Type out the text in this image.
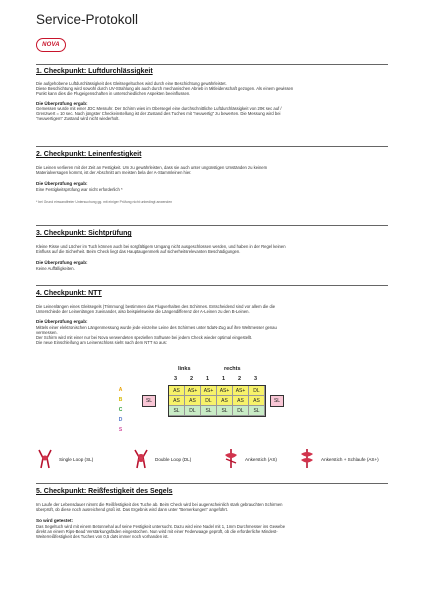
Service-Protokoll
NOVA

1. Checkpunkt: Luftdurchlässigkeit

Die aufgehobene Luftdurchlässigkeit des Gleitsegeltuches wird durch eine Beschichtung gewährleistet.

Diese Beschichtung wird sowohl durch UV-Strahlung als auch durch mechanischen Abrieb in Mitleidenschaft gezogen. Als einem gewissen

Punkt kann dies die Flugeigenschaften in unterschiedlichen Aspekten beeinflussen.

Die Überprüfung ergab:

Gemessen wurde mit einer JDC Messuhr. Der Schirm wies im Obersegel eine durchschnittliche Luftdurchlässigkeit von 20€ sec auf /

Grenzwert = 10 sec. Nach jüngster Checkeinstellung ist der Zustand des Tuches mit "neuwertig" zu bewerten. Die Messung wird bei

"neuwertigem" Zustand wird nicht wiederholt.

2. Checkpunkt: Leinenfestigkeit

Die Leinen verlieren mit der Zeit an Festigkeit. Um zu gewährleisten, dass sie auch unter ungünstigen Umständen zu keinem

Materialversagen kommt, ist der Abschnitt am meisten bela der A-Stammleinen hier.

Die Überprüfung ergab:

Eine Festigkeitsprüfung war nicht erforderlich *

* bei Grund einwandfreier Untersuchung gg. mit einiger Prüfung nicht unbedingt anwenden

3. Checkpunkt: Sichtprüfung

Kleine Risse und Löcher im Tuch können auch bei sorgfältigem Umgang nicht ausgeschlossen werden, und haben in der Regel keinen

Einfluss auf die Sicherheit. Beim Check liegt das Hauptaugenmerk auf sicherheitsrelevanten Beschädigungen.

Die Überprüfung ergab:

Keine Auffälligkeiten.

4. Checkpunkt: NTT

Die Leinenlängen eines Gleitsegels (Trimmung) bestimmen das Flugverhalten des Schirmes. Entscheidend sind vor allem die die

Unterschiede der Leinenlängen zueinander, also beispielsweise die Längendifferenz der A-Leinen zu den B-Leinen.

Die Überprüfung ergab:

Mittels einer elektronischen Längenmessung wurde jede einzelne Leine des Schirmes unter 5daN-Zug auf ihre Weltmesser genau

vermessen.

Der Schirm wird mit einer nur bei Nova verwendeten speziellen Software bei jedem Check wieder optimal eingestellt.

Die neue Einschleifung am Leinenschloss sieht nach dem NTT so aus:

links	rechts
3 2 1 1 2 3
A
B
C
D
S
SL	SL
AS	AS+	AS+	AS+	AS+	DL
AS	AS	DL	AS	AS	AS
SL	DL	SL	SL	DL	SL
Single Loop (SL)	Double Loop (DL)	Ankerstich (AS)	Ankerstich + Schlaufe (AS+)

5. Checkpunkt: Reißfestigkeit des Segels

Im Laufe der Lebensdauer nimmt die Reißfestigkeit des Tuche ab. Beim Check wird bei augenscheinlich stark gebrauchten Schirmen

überprüft, ob diese noch ausreichend groß ist. Das Ergebnis wird dann unter "Bemerkungen" angeführt.

So wird getestet:

Das Segeltuch wird mit einem Betonnehal auf seine Festigkeit untersucht. Dazu wird eine Nadel mit 1, 1mm Durchmesser ins Gewebe

direkt an einem Rips-Bead Verstärkungsfäden eingestochen. Nun wird mit einer Federwaage geprüft, ob die erforderliche Mindest-

Weiterreißfestigkeit des Tuches von 0,5 daN immer noch vorhanden ist.
